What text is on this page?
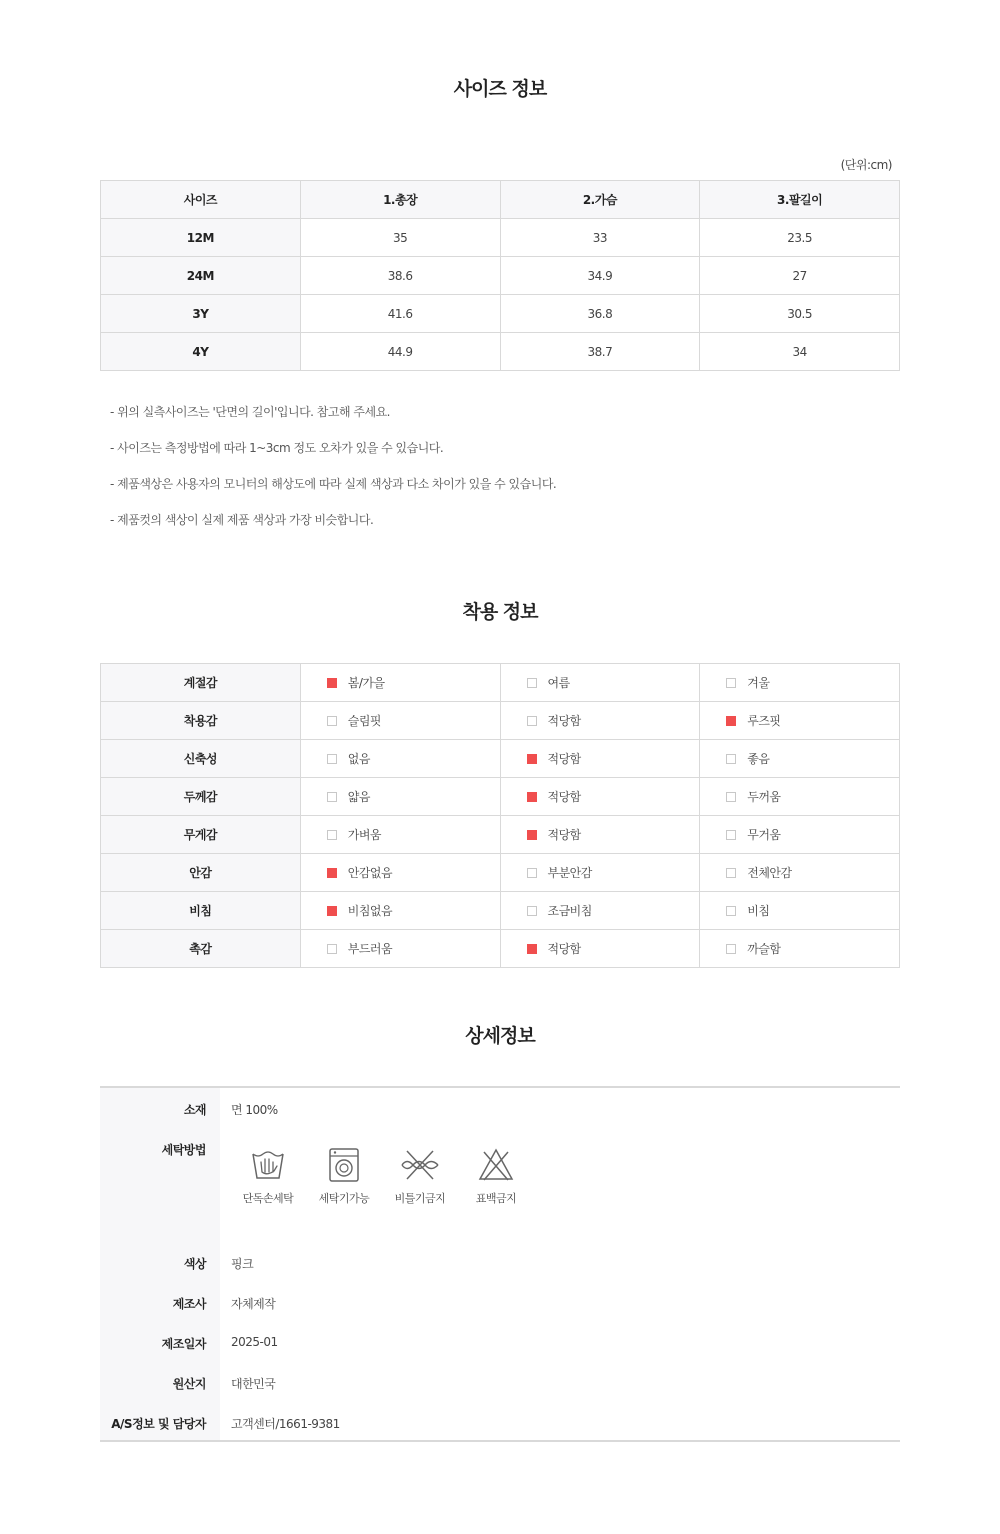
사이즈 정보
(단위:cm)
사이즈	1.총장	2.가슴	3.팔길이
12M	35	33	23.5
24M	38.6	34.9	27
3Y	41.6	36.8	30.5
4Y	44.9	38.7	34
- 위의 실측사이즈는 '단면의 길이'입니다. 참고해 주세요.
- 사이즈는 측정방법에 따라 1~3cm 정도 오차가 있을 수 있습니다.
- 제품색상은 사용자의 모니터의 해상도에 따라 실제 색상과 다소 차이가 있을 수 있습니다.
- 제품컷의 색상이 실제 제품 색상과 가장 비슷합니다.
착용 정보
계절감	봄/가을	여름	겨울

착용감	슬림핏	적당함	루즈핏

신축성	없음	적당함	좋음

두께감	얇음	적당함	두꺼움

무게감	가벼움	적당함	무거움

안감	안감없음	부분안감	전체안감

비침	비침없음	조금비침	비침

촉감	부드러움	적당함	까슬함
상세정보
소재 면 100%
세탁방법
단독손세탁	세탁기가능	비틀기금지	표백금지
색상 핑크
제조사 자체제작
제조일자 2025-01
원산지 대한민국
A/S정보 및 담당자 고객센터/1661-9381
